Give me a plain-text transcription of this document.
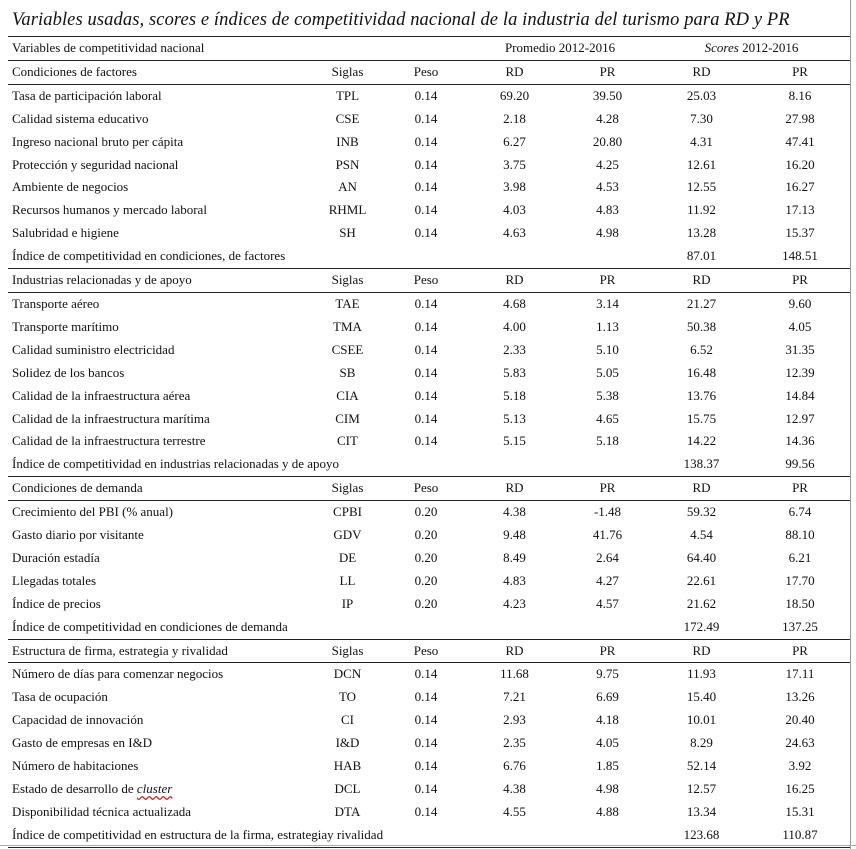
Variables usadas, scores e índices de competitividad nacional de la industria del turismo para RD y PR
Variables de competitividad nacional			Promedio 2012-2016		Scores 2012-2016	
Condiciones de factores	Siglas	Peso	RD	PR	RD	PR
Tasa de participación laboral	TPL	0.14	69.20	39.50	25.03	8.16
Calidad sistema educativo	CSE	0.14	2.18	4.28	7.30	27.98
Ingreso nacional bruto per cápita	INB	0.14	6.27	20.80	4.31	47.41
Protección y seguridad nacional	PSN	0.14	3.75	4.25	12.61	16.20
Ambiente de negocios	AN	0.14	3.98	4.53	12.55	16.27
Recursos humanos y mercado laboral	RHML	0.14	4.03	4.83	11.92	17.13
Salubridad e higiene	SH	0.14	4.63	4.98	13.28	15.37
Índice de competitividad en condiciones, de factores					87.01	148.51
Industrias relacionadas y de apoyo	Siglas	Peso	RD	PR	RD	PR
Transporte aéreo	TAE	0.14	4.68	3.14	21.27	9.60
Transporte marítimo	TMA	0.14	4.00	1.13	50.38	4.05
Calidad suministro electricidad	CSEE	0.14	2.33	5.10	6.52	31.35
Solidez de los bancos	SB	0.14	5.83	5.05	16.48	12.39
Calidad de la infraestructura aérea	CIA	0.14	5.18	5.38	13.76	14.84
Calidad de la infraestructura marítima	CIM	0.14	5.13	4.65	15.75	12.97
Calidad de la infraestructura terrestre	CIT	0.14	5.15	5.18	14.22	14.36
Índice de competitividad en industrias relacionadas y de apoyo					138.37	99.56
Condiciones de demanda	Siglas	Peso	RD	PR	RD	PR
Crecimiento del PBI (% anual)	CPBI	0.20	4.38	-1.48	59.32	6.74
Gasto diario por visitante	GDV	0.20	9.48	41.76	4.54	88.10
Duración estadía	DE	0.20	8.49	2.64	64.40	6.21
Llegadas totales	LL	0.20	4.83	4.27	22.61	17.70
Índice de precios	IP	0.20	4.23	4.57	21.62	18.50
Índice de competitividad en condiciones de demanda					172.49	137.25
Estructura de firma, estrategia y rivalidad	Siglas	Peso	RD	PR	RD	PR
Número de días para comenzar negocios	DCN	0.14	11.68	9.75	11.93	17.11
Tasa de ocupación	TO	0.14	7.21	6.69	15.40	13.26
Capacidad de innovación	CI	0.14	2.93	4.18	10.01	20.40
Gasto de empresas en I&D	I&D	0.14	2.35	4.05	8.29	24.63
Número de habitaciones	HAB	0.14	6.76	1.85	52.14	3.92
Estado de desarrollo de cluster	DCL	0.14	4.38	4.98	12.57	16.25
Disponibilidad técnica actualizada	DTA	0.14	4.55	4.88	13.34	15.31
Índice de competitividad en estructura de la firma, estrategiay rivalidad					123.68	110.87
